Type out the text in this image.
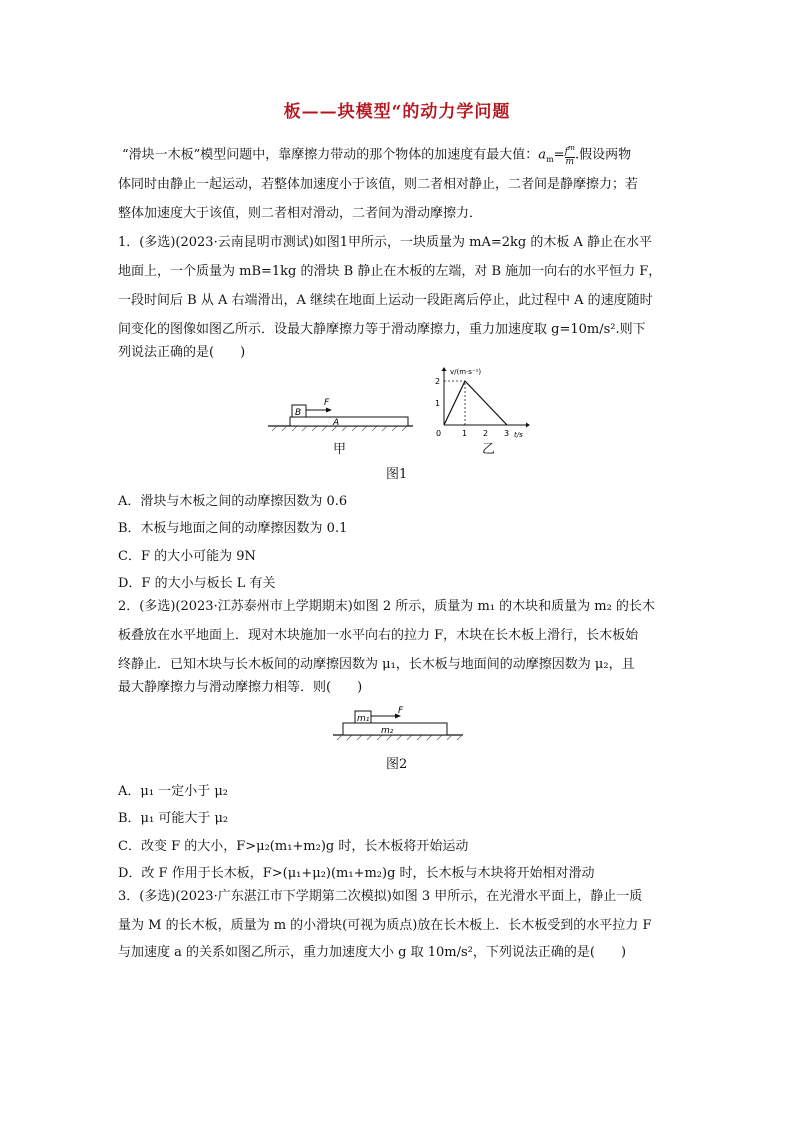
板——块模型“的动力学问题
“滑块一木板”模型问题中，靠摩擦力带动的那个物体的加速度有最大值：$a_m= \frac{f^m}{m}$ .假设两物
体同时由静止一起运动，若整体加速度小于该值，则二者相对静止，二者间是静摩擦力；若
整体加速度大于该值，则二者相对滑动，二者间为滑动摩擦力．
1．(多选)(2023·云南昆明市测试)如图1甲所示，一块质量为 mA=2kg 的木板 A 静止在水平
地面上，一个质量为 mB=1kg 的滑块 B 静止在木板的左端，对 B 施加一向右的水平恒力 F，
一段时间后 B 从 A 右端滑出，A 继续在地面上运动一段距离后停止，此过程中 A 的速度随时
间变化的图像如图乙所示．设最大静摩擦力等于滑动摩擦力，重力加速度取 g=10m/s².则下
列说法正确的是(　　)
A
B
F
甲
v/(m·s⁻¹)
t/s
0	1 2 3
2
1
乙
图1
A．滑块与木板之间的动摩擦因数为 0.6
B．木板与地面之间的动摩擦因数为 0.1
C．F 的大小可能为 9N
D．F 的大小与板长 L 有关
2．(多选)(2023·江苏泰州市上学期期末)如图 2 所示，质量为 m₁ 的木块和质量为 m₂ 的长木
板叠放在水平地面上．现对木块施加一水平向右的拉力 F，木块在长木板上滑行，长木板始
终静止．已知木块与长木板间的动摩擦因数为 μ₁，长木板与地面间的动摩擦因数为 μ₂，且
最大静摩擦力与滑动摩擦力相等．则(　　)
m₂
m₁
F
图2
A．μ₁ 一定小于 μ₂
B．μ₁ 可能大于 μ₂
C．改变 F 的大小，F>μ₂(m₁+m₂)g 时，长木板将开始运动
D．改 F 作用于长木板，F>(μ₁+μ₂)(m₁+m₂)g 时，长木板与木块将开始相对滑动
3．(多选)(2023·广东湛江市下学期第二次模拟)如图 3 甲所示，在光滑水平面上，静止一质
量为 M 的长木板，质量为 m 的小滑块(可视为质点)放在长木板上．长木板受到的水平拉力 F
与加速度 a 的关系如图乙所示，重力加速度大小 g 取 10m/s²，下列说法正确的是(　　)
